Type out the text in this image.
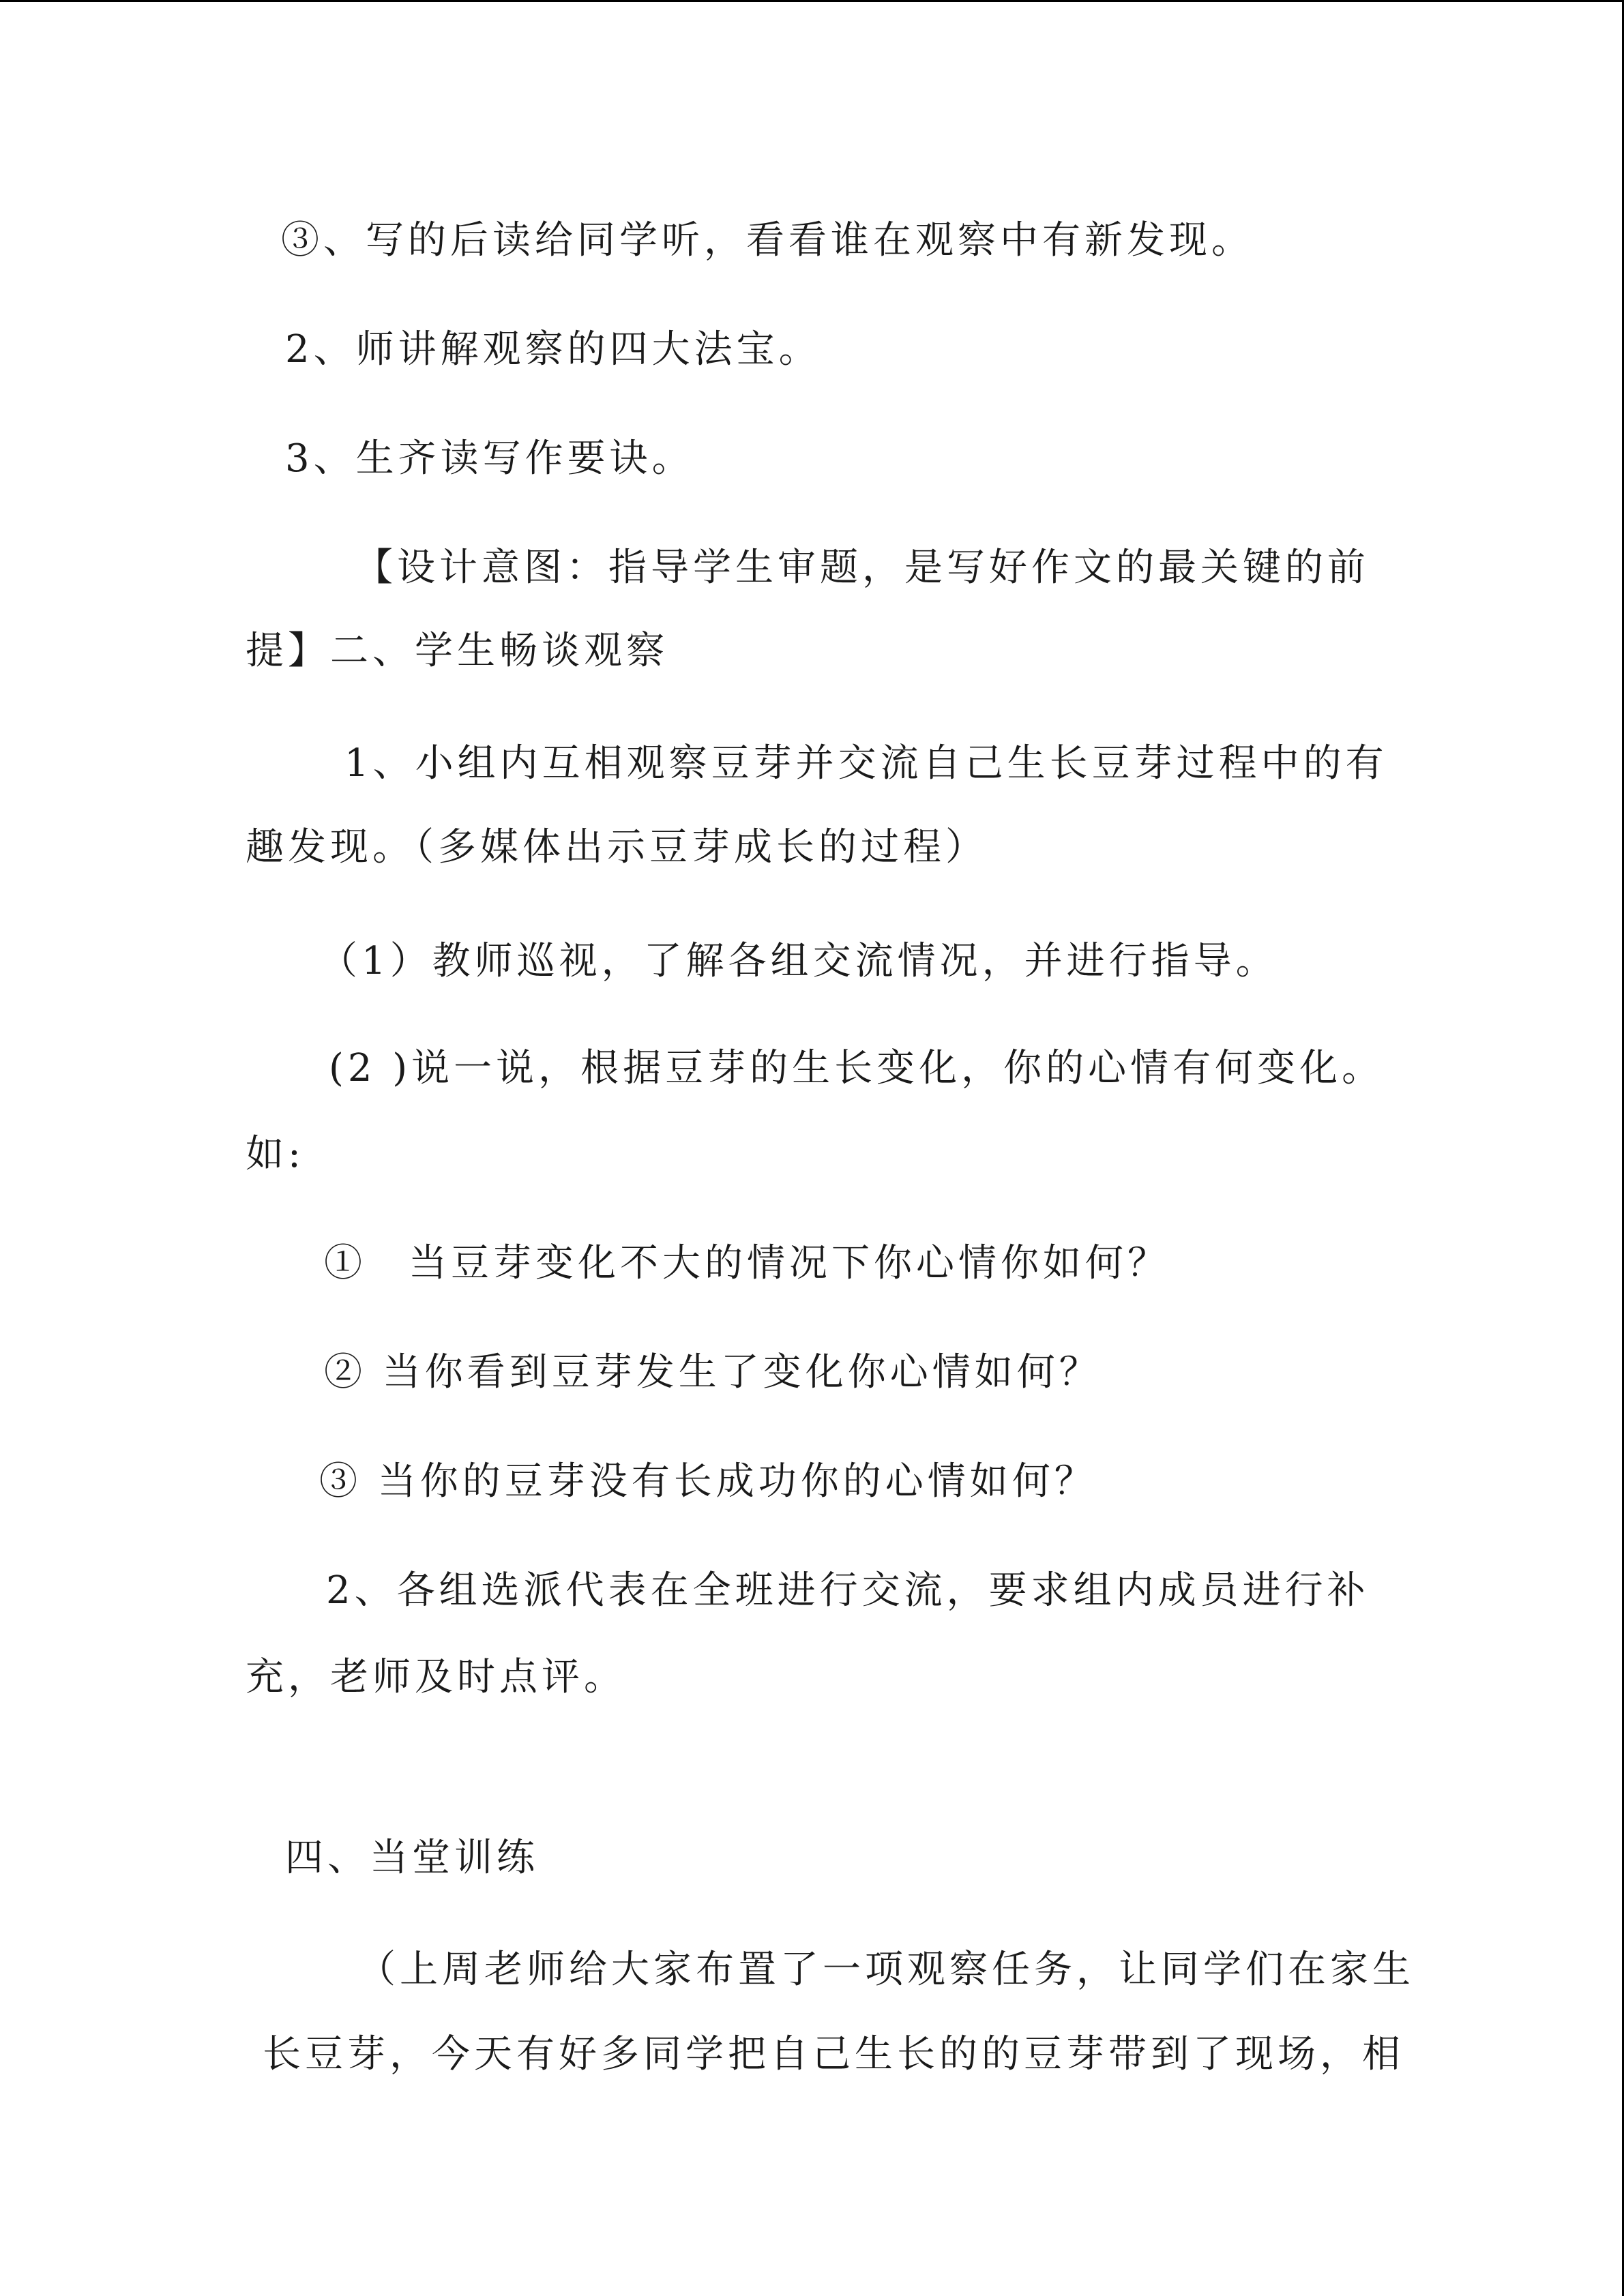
③、写的后读给同学听，看看谁在观察中有新发现。
2、师讲解观察的四大法宝。
3、生齐读写作要诀。
【设计意图：指导学生审题，是写好作文的最关键的前
提】二、学生畅谈观察
1、小组内互相观察豆芽并交流自己生长豆芽过程中的有
趣发现。（多媒体出示豆芽成长的过程）
（1）教师巡视，了解各组交流情况，并进行指导。
(2 )说一说，根据豆芽的生长变化，你的心情有何变化。
如:
①　当豆芽变化不大的情况下你心情你如何？
② 当你看到豆芽发生了变化你心情如何？
③ 当你的豆芽没有长成功你的心情如何？
2、各组选派代表在全班进行交流，要求组内成员进行补
充，老师及时点评。
四、当堂训练
（上周老师给大家布置了一项观察任务，让同学们在家生
长豆芽，今天有好多同学把自己生长的的豆芽带到了现场，相
